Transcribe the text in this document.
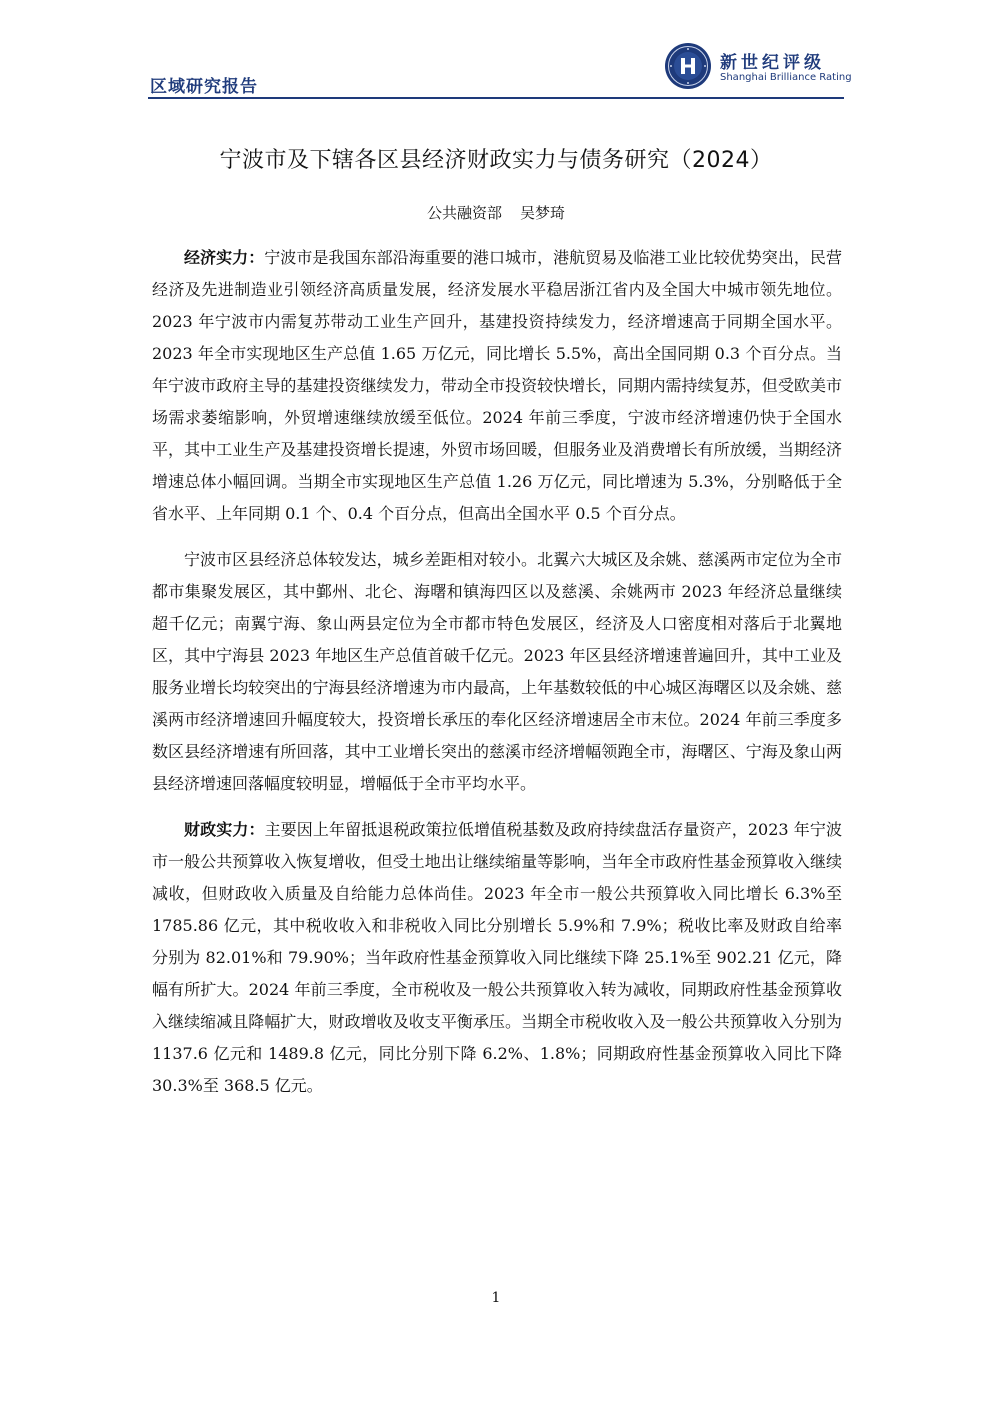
区域研究报告
新世纪评级
Shanghai Brilliance Rating
宁波市及下辖各区县经济财政实力与债务研究（2024）
公共融资部 吴梦琦

经济实力：宁波市是我国东部沿海重要的港口城市，港航贸易及临港工业比较优势突出，民营经济及先进制造业引领经济高质量发展，经济发展水平稳居浙江省内及全国大中城市领先地位。2023 年宁波市内需复苏带动工业生产回升，基建投资持续发力，经济增速高于同期全国水平。2023 年全市实现地区生产总值 1.65 万亿元，同比增长 5.5%，高出全国同期 0.3 个百分点。当年宁波市政府主导的基建投资继续发力，带动全市投资较快增长，同期内需持续复苏，但受欧美市场需求萎缩影响，外贸增速继续放缓至低位。2024 年前三季度，宁波市经济增速仍快于全国水平，其中工业生产及基建投资增长提速，外贸市场回暖，但服务业及消费增长有所放缓，当期经济增速总体小幅回调。当期全市实现地区生产总值 1.26 万亿元，同比增速为 5.3%，分别略低于全省水平、上年同期 0.1 个、0.4 个百分点，但高出全国水平 0.5 个百分点。

宁波市区县经济总体较发达，城乡差距相对较小。北翼六大城区及余姚、慈溪两市定位为全市都市集聚发展区，其中鄞州、北仑、海曙和镇海四区以及慈溪、余姚两市 2023 年经济总量继续超千亿元；南翼宁海、象山两县定位为全市都市特色发展区，经济及人口密度相对落后于北翼地区，其中宁海县 2023 年地区生产总值首破千亿元。2023 年区县经济增速普遍回升，其中工业及服务业增长均较突出的宁海县经济增速为市内最高，上年基数较低的中心城区海曙区以及余姚、慈溪两市经济增速回升幅度较大，投资增长承压的奉化区经济增速居全市末位。2024 年前三季度多数区县经济增速有所回落，其中工业增长突出的慈溪市经济增幅领跑全市，海曙区、宁海及象山两县经济增速回落幅度较明显，增幅低于全市平均水平。

财政实力：主要因上年留抵退税政策拉低增值税基数及政府持续盘活存量资产，2023 年宁波市一般公共预算收入恢复增收，但受土地出让继续缩量等影响，当年全市政府性基金预算收入继续减收，但财政收入质量及自给能力总体尚佳。2023 年全市一般公共预算收入同比增长 6.3%至 1785.86 亿元，其中税收收入和非税收入同比分别增长 5.9%和 7.9%；税收比率及财政自给率分别为 82.01%和 79.90%；当年政府性基金预算收入同比继续下降 25.1%至 902.21 亿元，降幅有所扩大。2024 年前三季度，全市税收及一般公共预算收入转为减收，同期政府性基金预算收入继续缩减且降幅扩大，财政增收及收支平衡承压。当期全市税收收入及一般公共预算收入分别为 1137.6 亿元和 1489.8 亿元，同比分别下降 6.2%、1.8%；同期政府性基金预算收入同比下降 30.3%至 368.5 亿元。

1
